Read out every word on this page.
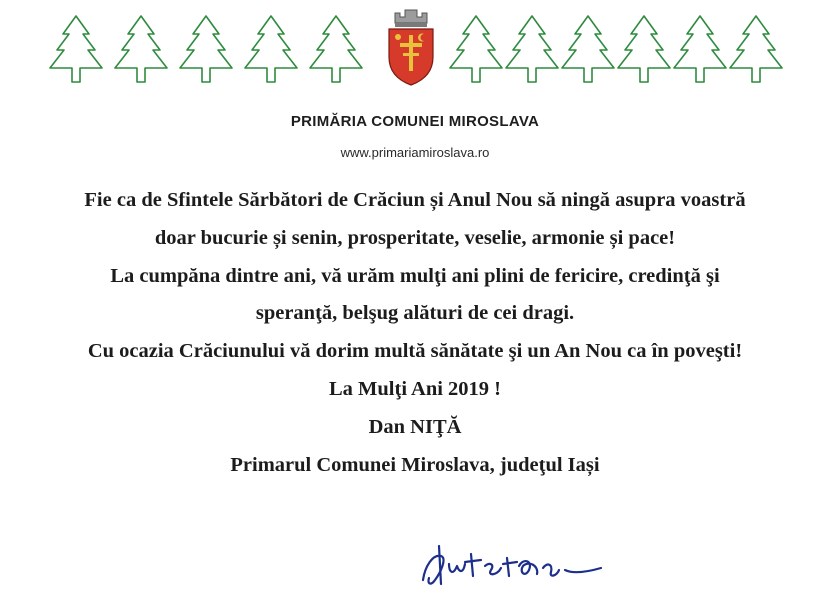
PRIMĂRIA COMUNEI MIROSLAVA
www.primariamiroslava.ro
Fie ca de Sfintele Sărbători de Crăciun și Anul Nou să ningă asupra voastră
doar bucurie și senin, prosperitate, veselie, armonie și pace!
La cumpăna dintre ani, vă urăm mulţi ani plini de fericire, credinţă şi
speranţă, belşug alături de cei dragi.
Cu ocazia Crăciunului vă dorim multă sănătate şi un An Nou ca în poveşti!
La Mulţi Ani 2019 !
Dan NIŢĂ
Primarul Comunei Miroslava, judeţul Iași
